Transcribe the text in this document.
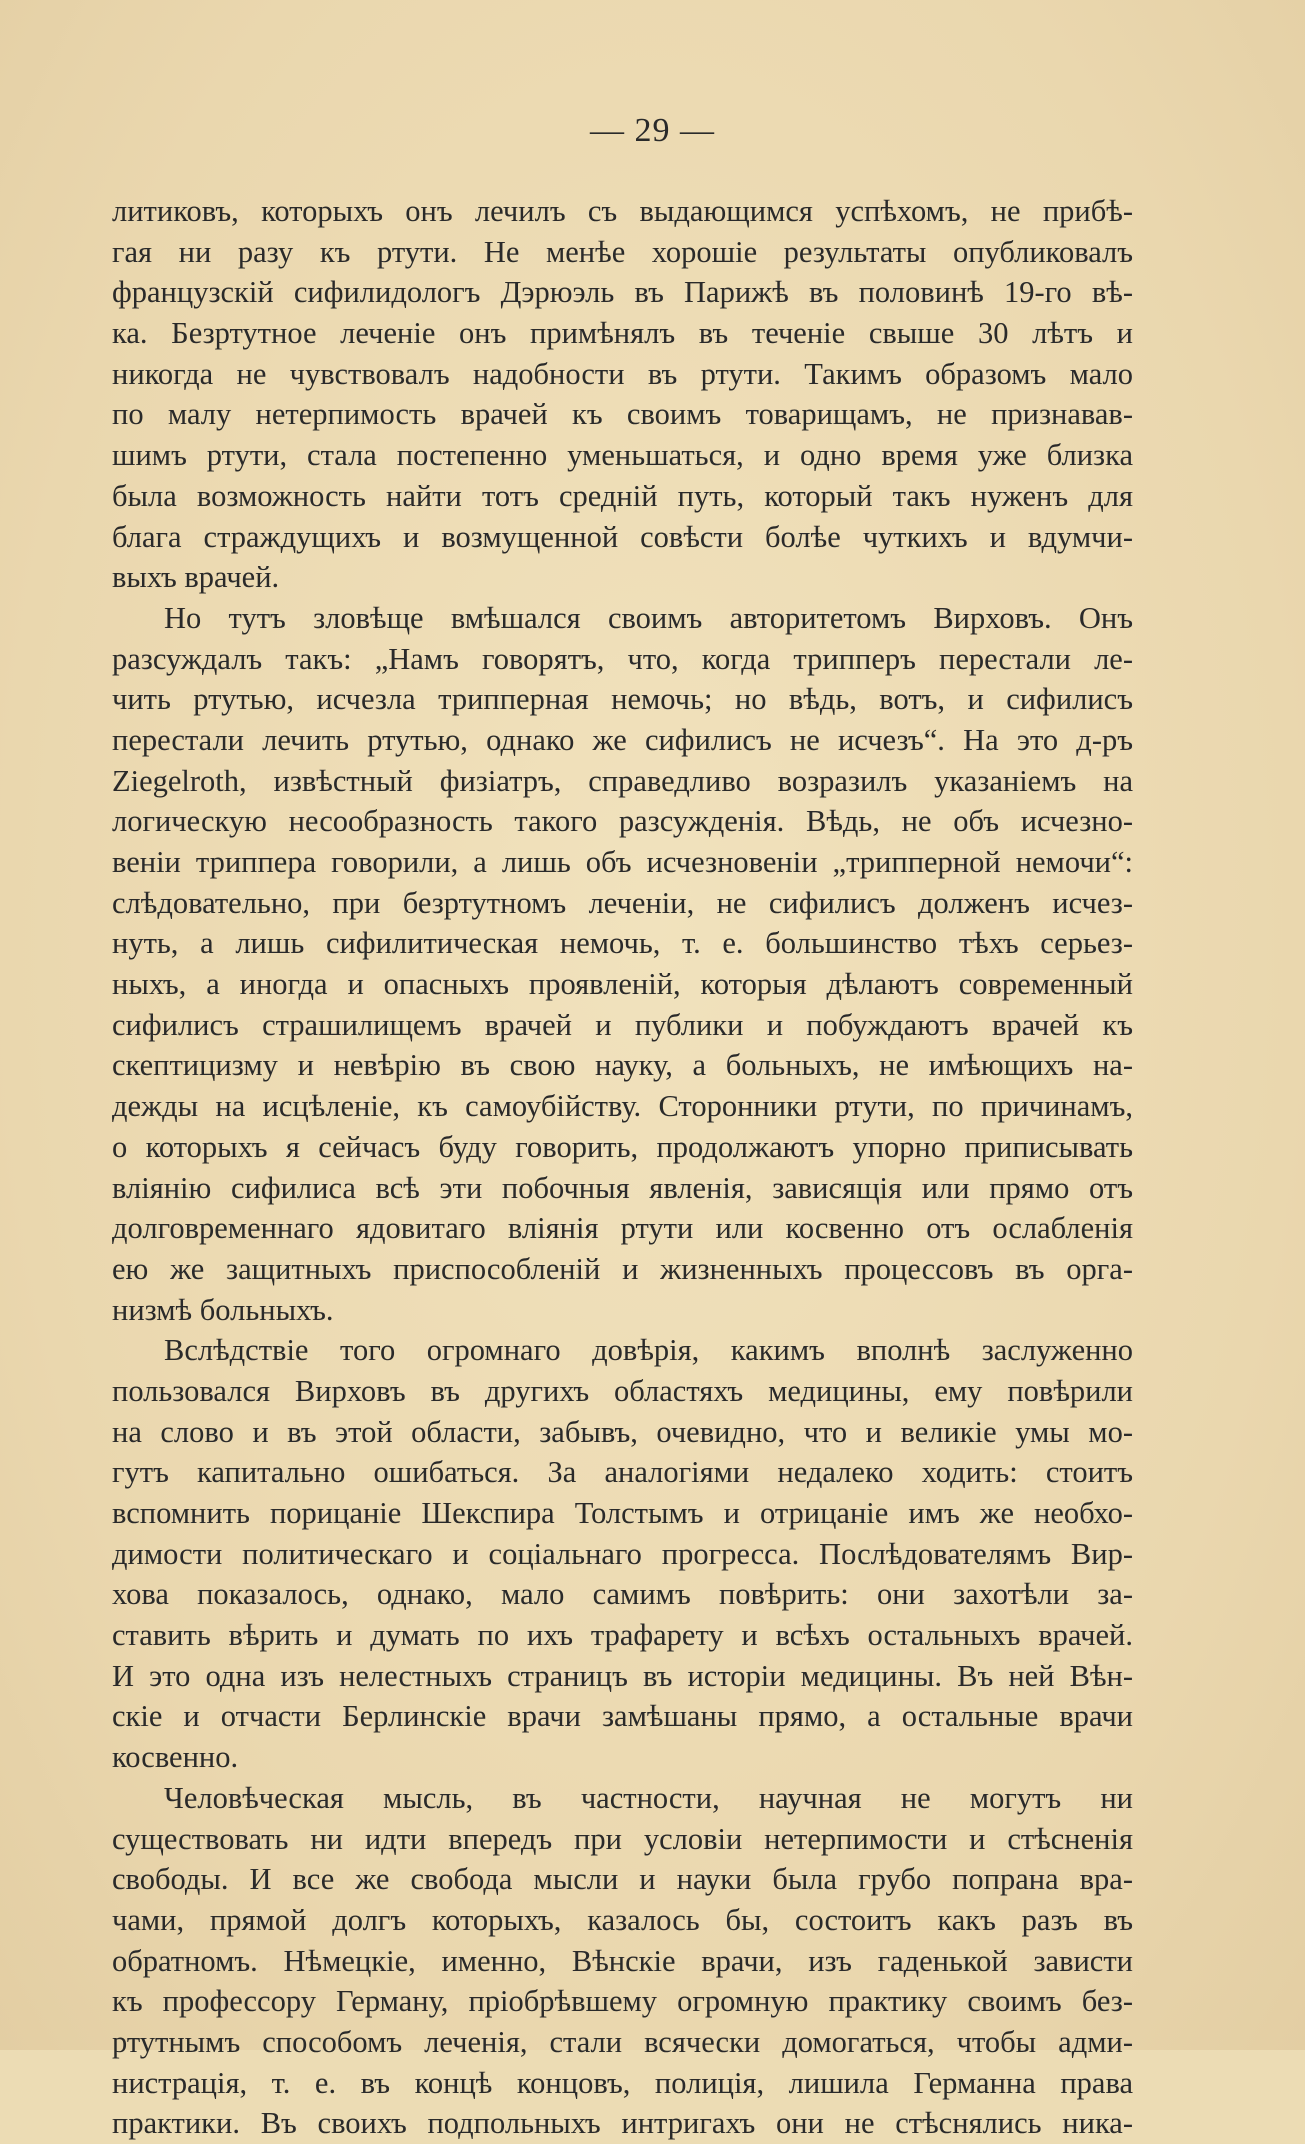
— 29 —
литиковъ, которыхъ онъ лечилъ съ выдающимся успѣхомъ, не прибѣ-
гая ни разу къ ртути. Не менѣе хорошіе результаты опубликовалъ
французскій сифилидологъ Дэрюэль въ Парижѣ въ половинѣ 19-го вѣ-
ка. Безртутное леченіе онъ примѣнялъ въ теченіе свыше 30 лѣтъ и
никогда не чувствовалъ надобности въ ртути. Такимъ образомъ мало
по малу нетерпимость врачей къ своимъ товарищамъ, не признавав-
шимъ ртути, стала постепенно уменьшаться, и одно время уже близка
была возможность найти тотъ средній путь, который такъ нуженъ для
блага страждущихъ и возмущенной совѣсти болѣе чуткихъ и вдумчи-
выхъ врачей.
Но тутъ зловѣще вмѣшался своимъ авторитетомъ Вирховъ. Онъ
разсуждалъ такъ: „Намъ говорятъ, что, когда трипперъ перестали ле-
чить ртутью, исчезла трипперная немочь; но вѣдь, вотъ, и сифилисъ
перестали лечить ртутью, однако же сифилисъ не исчезъ“. На это д-ръ
Ziegelroth, извѣстный физіатръ, справедливо возразилъ указаніемъ на
логическую несообразность такого разсужденія. Вѣдь, не объ исчезно-
веніи триппера говорили, а лишь объ исчезновеніи „трипперной немочи“:
слѣдовательно, при безртутномъ леченіи, не сифилисъ долженъ исчез-
нуть, а лишь сифилитическая немочь, т. е. большинство тѣхъ серьез-
ныхъ, а иногда и опасныхъ проявленій, которыя дѣлаютъ современный
сифилисъ страшилищемъ врачей и публики и побуждаютъ врачей къ
скептицизму и невѣрію въ свою науку, а больныхъ, не имѣющихъ на-
дежды на исцѣленіе, къ самоубійству. Сторонники ртути, по причинамъ,
о которыхъ я сейчасъ буду говорить, продолжаютъ упорно приписывать
вліянію сифилиса всѣ эти побочныя явленія, зависящія или прямо отъ
долговременнаго ядовитаго вліянія ртути или косвенно отъ ослабленія
ею же защитныхъ приспособленій и жизненныхъ процессовъ въ орга-
низмѣ больныхъ.
Вслѣдствіе того огромнаго довѣрія, какимъ вполнѣ заслуженно
пользовался Вирховъ въ другихъ областяхъ медицины, ему повѣрили
на слово и въ этой области, забывъ, очевидно, что и великіе умы мо-
гутъ капитально ошибаться. За аналогіями недалеко ходить: стоитъ
вспомнить порицаніе Шекспира Толстымъ и отрицаніе имъ же необхо-
димости политическаго и соціальнаго прогресса. Послѣдователямъ Вир-
хова показалось, однако, мало самимъ повѣрить: они захотѣли за-
ставить вѣрить и думать по ихъ трафарету и всѣхъ остальныхъ врачей.
И это одна изъ нелестныхъ страницъ въ исторіи медицины. Въ ней Вѣн-
скіе и отчасти Берлинскіе врачи замѣшаны прямо, а остальные врачи
косвенно.
Человѣческая мысль, въ частности, научная не могутъ ни
существовать ни идти впередъ при условіи нетерпимости и стѣсненія
свободы. И все же свобода мысли и науки была грубо попрана вра-
чами, прямой долгъ которыхъ, казалось бы, состоитъ какъ разъ въ
обратномъ. Нѣмецкіе, именно, Вѣнскіе врачи, изъ гаденькой зависти
къ профессору Герману, пріобрѣвшему огромную практику своимъ без-
ртутнымъ способомъ леченія, стали всячески домогаться, чтобы адми-
нистрація, т. е. въ концѣ концовъ, полиція, лишила Германна права
практики. Въ своихъ подпольныхъ интригахъ они не стѣснялись ника-
